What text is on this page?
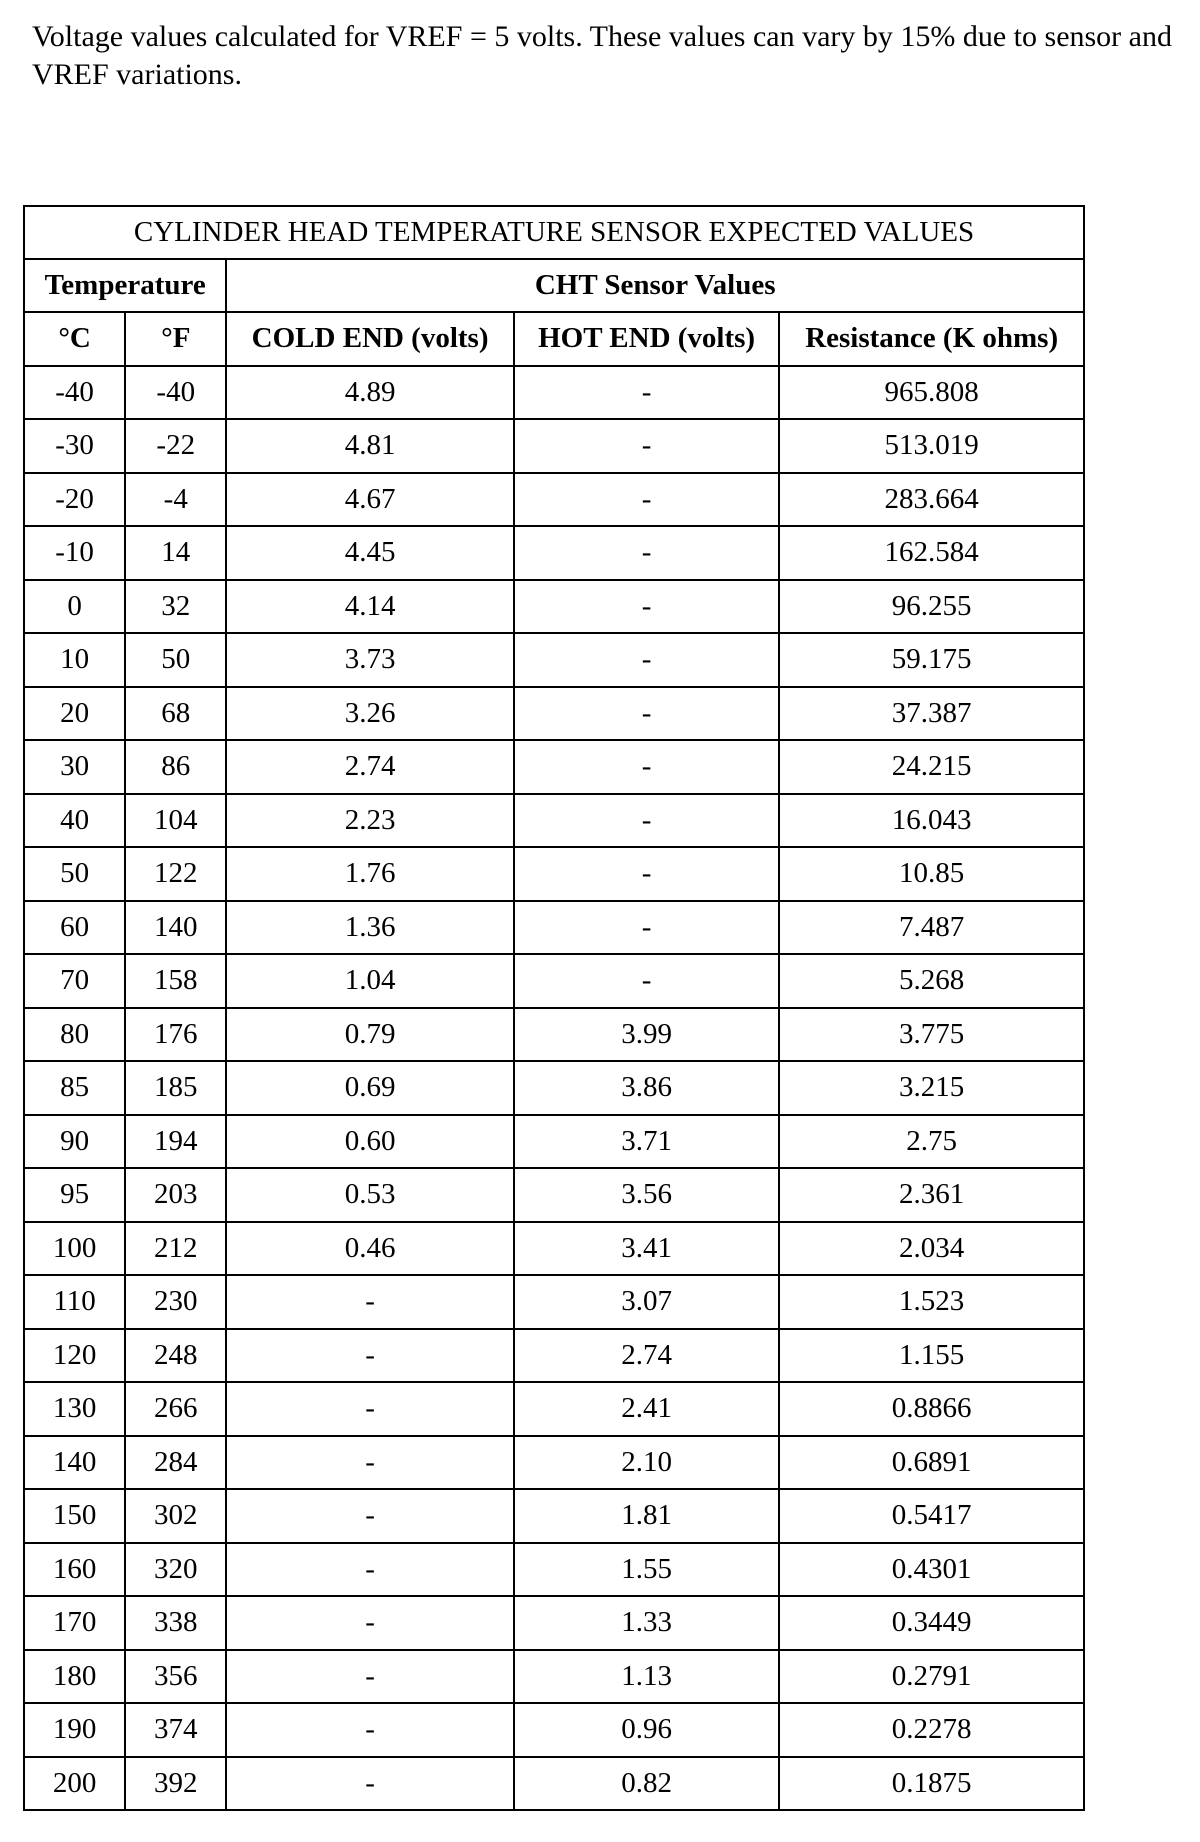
Voltage values calculated for VREF = 5 volts. These values can vary by 15% due to sensor and VREF variations.

CYLINDER HEAD TEMPERATURE SENSOR EXPECTED VALUES				
Temperature		CHT Sensor Values		
°C	°F	COLD END (volts)	HOT END (volts)	Resistance (K ohms)
-40	-40	4.89	-	965.808
-30	-22	4.81	-	513.019
-20	-4	4.67	-	283.664
-10	14	4.45	-	162.584
0	32	4.14	-	96.255
10	50	3.73	-	59.175
20	68	3.26	-	37.387
30	86	2.74	-	24.215
40	104	2.23	-	16.043
50	122	1.76	-	10.85
60	140	1.36	-	7.487
70	158	1.04	-	5.268
80	176	0.79	3.99	3.775
85	185	0.69	3.86	3.215
90	194	0.60	3.71	2.75
95	203	0.53	3.56	2.361
100	212	0.46	3.41	2.034
110	230	-	3.07	1.523
120	248	-	2.74	1.155
130	266	-	2.41	0.8866
140	284	-	2.10	0.6891
150	302	-	1.81	0.5417
160	320	-	1.55	0.4301
170	338	-	1.33	0.3449
180	356	-	1.13	0.2791
190	374	-	0.96	0.2278
200	392	-	0.82	0.1875
